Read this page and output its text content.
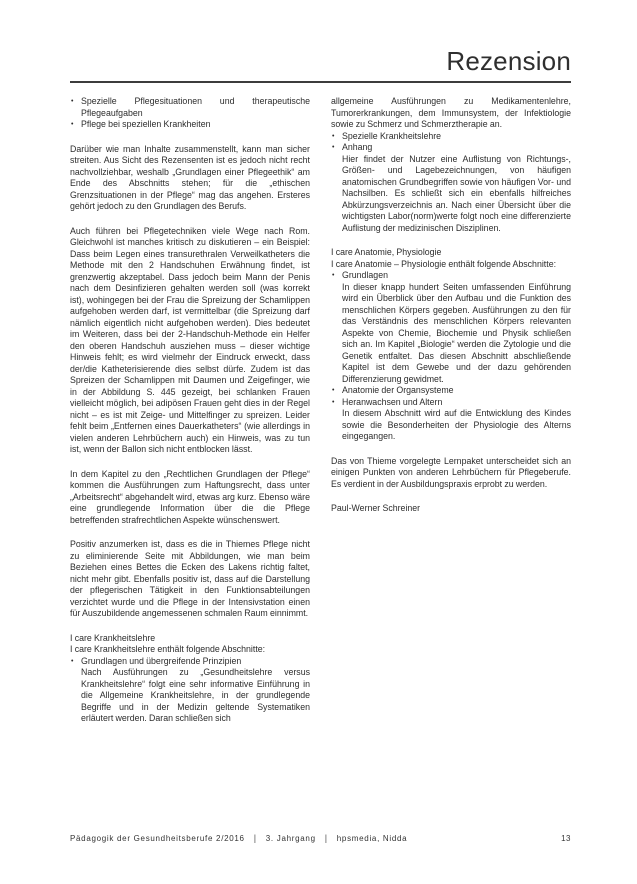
Rezension
• Spezielle Pflegesituationen und therapeutische Pflegeaufgaben
• Pflege bei speziellen Krankheiten

Darüber wie man Inhalte zusammenstellt, kann man sicher streiten. Aus Sicht des Rezensenten ist es jedoch nicht recht nachvollziehbar, weshalb „Grundlagen einer Pflegeethik“ am Ende des Abschnitts stehen; für die „ethischen Grenzsituationen in der Pflege“ mag das angehen. Ersteres gehört jedoch zu den Grundlagen des Berufs.

Auch führen bei Pflegetechniken viele Wege nach Rom. Gleichwohl ist manches kritisch zu diskutieren – ein Beispiel: Dass beim Legen eines transurethralen Verweilkatheters die Methode mit den 2 Handschuhen Erwähnung findet, ist grenzwertig akzeptabel. Dass jedoch beim Mann der Penis nach dem Desinfizieren gehalten werden soll (was korrekt ist), wohingegen bei der Frau die Spreizung der Schamlippen aufgehoben werden darf, ist vermittelbar (die Spreizung darf nämlich eigentlich nicht aufgehoben werden). Dies bedeutet im Weiteren, dass bei der 2-Handschuh-Methode ein Helfer den oberen Handschuh ausziehen muss – dieser wichtige Hinweis fehlt; es wird vielmehr der Eindruck erweckt, dass der/die Katheterisierende dies selbst dürfe. Zudem ist das Spreizen der Schamlippen mit Daumen und Zeigefinger, wie in der Abbildung S. 445 gezeigt, bei schlanken Frauen vielleicht möglich, bei adipösen Frauen geht dies in der Regel nicht – es ist mit Zeige- und Mittelfinger zu spreizen. Leider fehlt beim „Entfernen eines Dauerkatheters“ (wie allerdings in vielen anderen Lehrbüchern auch) ein Hinweis, was zu tun ist, wenn der Ballon sich nicht entblocken lässt.

In dem Kapitel zu den „Rechtlichen Grundlagen der Pflege“ kommen die Ausführungen zum Haftungsrecht, dass unter „Arbeitsrecht“ abgehandelt wird, etwas arg kurz. Ebenso wäre eine grundlegende Information über die die Pflege betreffenden strafrechtlichen Aspekte wünschenswert.

Positiv anzumerken ist, dass es die in Thiemes Pflege nicht zu eliminierende Seite mit Abbildungen, wie man beim Beziehen eines Bettes die Ecken des Lakens richtig faltet, nicht mehr gibt. Ebenfalls positiv ist, dass auf die Darstellung der pflegerischen Tätigkeit in den Funktionsabteilungen verzichtet wurde und die Pflege in der Intensivstation einen für Auszubildende angemessenen schmalen Raum einnimmt.

I care Krankheitslehre

I care Krankheitslehre enthält folgende Abschnitte:

• Grundlagen und übergreifende Prinzipien
Nach Ausführungen zu „Gesundheitslehre versus Krankheitslehre“ folgt eine sehr informative Einführung in die Allgemeine Krankheitslehre, in der grundlegende Begriffe und in der Medizin geltende Systematiken erläutert werden. Daran schließen sich

allgemeine Ausführungen zu Medikamentenlehre, Tumorerkrankungen, dem Immunsystem, der Infektiologie sowie zu Schmerz und Schmerztherapie an.

• Spezielle Krankheitslehre
• Anhang
Hier findet der Nutzer eine Auflistung von Richtungs-, Größen- und Lagebezeichnungen, von häufigen anatomischen Grundbegriffen sowie von häufigen Vor- und Nachsilben. Es schließt sich ein ebenfalls hilfreiches Abkürzungsverzeichnis an. Nach einer Übersicht über die wichtigsten Labor(norm)werte folgt noch eine differenzierte Auflistung der medizinischen Disziplinen.

I care Anatomie, Physiologie

I care Anatomie – Physiologie enthält folgende Abschnitte:

• Grundlagen
In dieser knapp hundert Seiten umfassenden Einführung wird ein Überblick über den Aufbau und die Funktion des menschlichen Körpers gegeben. Ausführungen zu den für das Verständnis des menschlichen Körpers relevanten Aspekte von Chemie, Biochemie und Physik schließen sich an. Im Kapitel „Biologie“ werden die Zytologie und die Genetik entfaltet. Das diesen Abschnitt abschließende Kapitel ist dem Gewebe und der dazu gehörenden Differenzierung gewidmet.
• Anatomie der Organsysteme
• Heranwachsen und Altern
In diesem Abschnitt wird auf die Entwicklung des Kindes sowie die Besonderheiten der Physiologie des Alterns eingegangen.

Das von Thieme vorgelegte Lernpaket unterscheidet sich an einigen Punkten von anderen Lehrbüchern für Pflegeberufe. Es verdient in der Ausbildungspraxis erprobt zu werden.

Paul-Werner Schreiner

Pädagogik der Gesundheitsberufe 2/2016 | 3. Jahrgang | hpsmedia, Nidda	13
